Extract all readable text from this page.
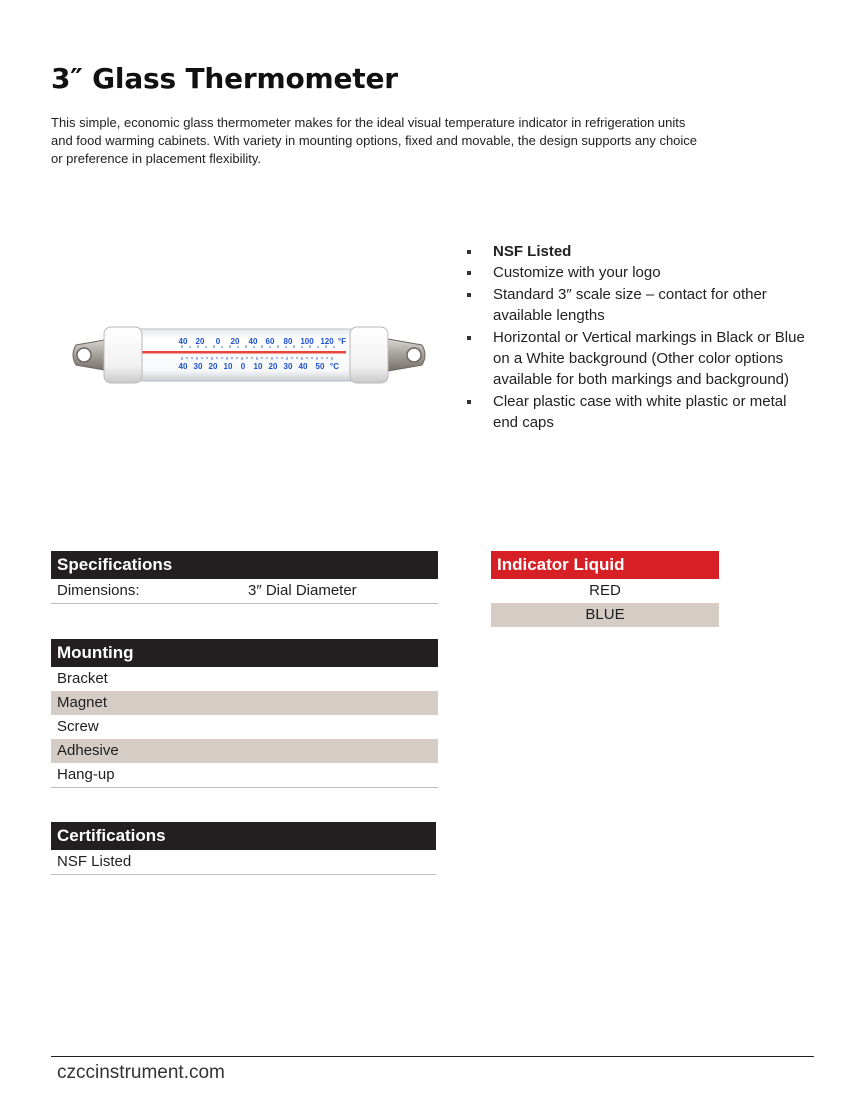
3″ Glass Thermometer

This simple, economic glass thermometer makes for the ideal visual temperature indicator in refrigeration units and food warming cabinets. With variety in mounting options, fixed and movable, the design supports any choice or preference in placement flexibility.

40 20 0 20 40 60 80 100 120 °F
40 30 20 10 0 10 20 30 40 50 °C
NSF Listed
Customize with your logo
Standard 3″ scale size – contact for other available lengths
Horizontal or Vertical markings in Black or Blue on a White background (Other color options available for both markings and background)
Clear plastic case with white plastic or metal end caps
Specifications
Dimensions:	3″ Dial Diameter
Mounting
Bracket
Magnet
Screw
Adhesive
Hang-up
Certifications
NSF Listed
Indicator Liquid
RED
BLUE
czccinstrument.com
